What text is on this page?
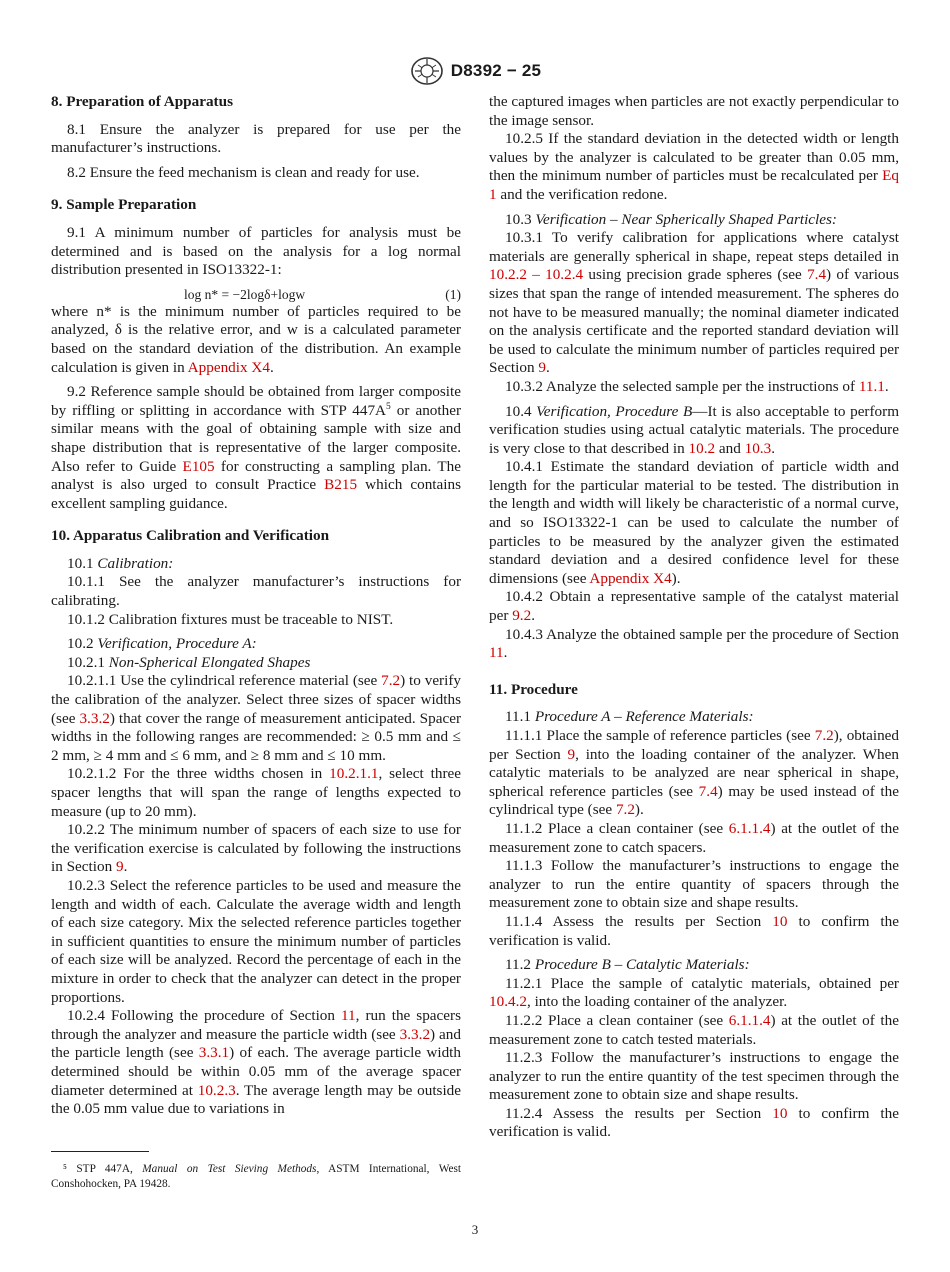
D8392 − 25
8. Preparation of Apparatus

8.1 Ensure the analyzer is prepared for use per the manufacturer’s instructions.

8.2 Ensure the feed mechanism is clean and ready for use.

9. Sample Preparation

9.1 A minimum number of particles for analysis must be determined and is based on the analysis for a log normal distribution presented in ISO13322-1:

log n* = −2logδ+logw	(1)

where n* is the minimum number of particles required to be analyzed, δ is the relative error, and w is a calculated parameter based on the standard deviation of the distribution. An example calculation is given in Appendix X4.

9.2 Reference sample should be obtained from larger composite by riffling or splitting in accordance with STP $447A^5$ or another similar means with the goal of obtaining sample with size and shape distribution that is representative of the larger composite. Also refer to Guide E105 for constructing a sampling plan. The analyst is also urged to consult Practice B215 which contains excellent sampling guidance.

10. Apparatus Calibration and Verification

10.1 Calibration:

10.1.1 See the analyzer manufacturer’s instructions for calibrating.

10.1.2 Calibration fixtures must be traceable to NIST.

10.2 Verification, Procedure A:

10.2.1 Non-Spherical Elongated Shapes

10.2.1.1 Use the cylindrical reference material (see 7.2) to verify the calibration of the analyzer. Select three sizes of spacer widths (see 3.3.2) that cover the range of measurement anticipated. Spacer widths in the following ranges are recommended: ≥ 0.5 mm and ≤ 2 mm, ≥ 4 mm and ≤ 6 mm, and ≥ 8 mm and ≤ 10 mm.

10.2.1.2 For the three widths chosen in 10.2.1.1, select three spacer lengths that will span the range of lengths expected to measure (up to 20 mm).

10.2.2 The minimum number of spacers of each size to use for the verification exercise is calculated by following the instructions in Section 9.

10.2.3 Select the reference particles to be used and measure the length and width of each. Calculate the average width and length of each size category. Mix the selected reference particles together in sufficient quantities to ensure the minimum number of particles of each size will be analyzed. Record the percentage of each in the mixture in order to check that the analyzer can detect in the proper proportions.

10.2.4 Following the procedure of Section 11, run the spacers through the analyzer and measure the particle width (see 3.3.2) and the particle length (see 3.3.1) of each. The average particle width determined should be within 0.05 mm of the average spacer diameter determined at 10.2.3. The average length may be outside the 0.05 mm value due to variations in

⁵ STP 447A, Manual on Test Sieving Methods, ASTM International, West Conshohocken, PA 19428.

the captured images when particles are not exactly perpendicular to the image sensor.

10.2.5 If the standard deviation in the detected width or length values by the analyzer is calculated to be greater than 0.05 mm, then the minimum number of particles must be recalculated per Eq 1 and the verification redone.

10.3 Verification – Near Spherically Shaped Particles:

10.3.1 To verify calibration for applications where catalyst materials are generally spherical in shape, repeat steps detailed in 10.2.2 – 10.2.4 using precision grade spheres (see 7.4) of various sizes that span the range of intended measurement. The spheres do not have to be measured manually; the nominal diameter indicated on the analysis certificate and the reported standard deviation will be used to calculate the minimum number of particles required per Section 9.

10.3.2 Analyze the selected sample per the instructions of 11.1.

10.4 Verification, Procedure B—It is also acceptable to perform verification studies using actual catalytic materials. The procedure is very close to that described in 10.2 and 10.3.

10.4.1 Estimate the standard deviation of particle width and length for the particular material to be tested. The distribution in the length and width will likely be characteristic of a normal curve, and so ISO13322-1 can be used to calculate the number of particles to be measured by the analyzer given the estimated standard deviation and a desired confidence level for these dimensions (see Appendix X4).

10.4.2 Obtain a representative sample of the catalyst material per 9.2.

10.4.3 Analyze the obtained sample per the procedure of Section 11.

11. Procedure

11.1 Procedure A – Reference Materials:

11.1.1 Place the sample of reference particles (see 7.2), obtained per Section 9, into the loading container of the analyzer. When catalytic materials to be analyzed are near spherical in shape, spherical reference particles (see 7.4) may be used instead of the cylindrical type (see 7.2).

11.1.2 Place a clean container (see 6.1.1.4) at the outlet of the measurement zone to catch spacers.

11.1.3 Follow the manufacturer’s instructions to engage the analyzer to run the entire quantity of spacers through the measurement zone to obtain size and shape results.

11.1.4 Assess the results per Section 10 to confirm the verification is valid.

11.2 Procedure B – Catalytic Materials:

11.2.1 Place the sample of catalytic materials, obtained per 10.4.2, into the loading container of the analyzer.

11.2.2 Place a clean container (see 6.1.1.4) at the outlet of the measurement zone to catch tested materials.

11.2.3 Follow the manufacturer’s instructions to engage the analyzer to run the entire quantity of the test specimen through the measurement zone to obtain size and shape results.

11.2.4 Assess the results per Section 10 to confirm the verification is valid.

3
